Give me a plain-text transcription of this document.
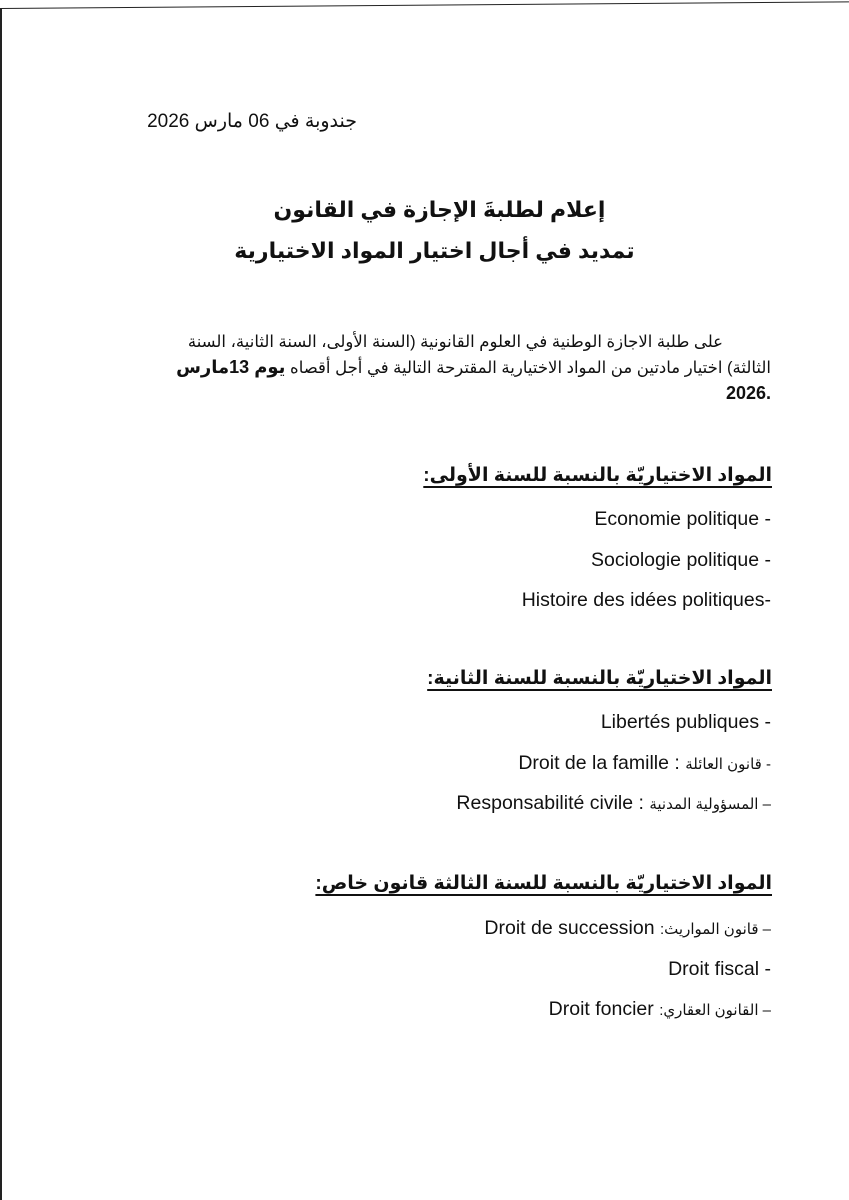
جندوبة في 06 مارس 2026
إعلام لطلبةَ الإجازة في القانون
تمديد في أجال اختيار المواد الاختيارية
على طلبة الاجازة الوطنية في العلوم القانونية (السنة الأولى، السنة الثانية، السنة
الثالثة) اختيار مادتين من المواد الاختيارية المقترحة التالية في أجل أقصاه يوم 13مارس
.2026
المواد الاختياريّة بالنسبة للسنة الأولى:
Economie politique -
Sociologie politique -
Histoire des idées politiques-
المواد الاختياريّة بالنسبة للسنة الثانية:
Libertés publiques -
Droit de la famille : - قانون العائلة
Responsabilité civile : – المسؤولية المدنية
المواد الاختياريّة بالنسبة للسنة الثالثة قانون خاص:
Droit de succession – قانون المواريث:
Droit fiscal -
Droit foncier – القانون العقاري:
